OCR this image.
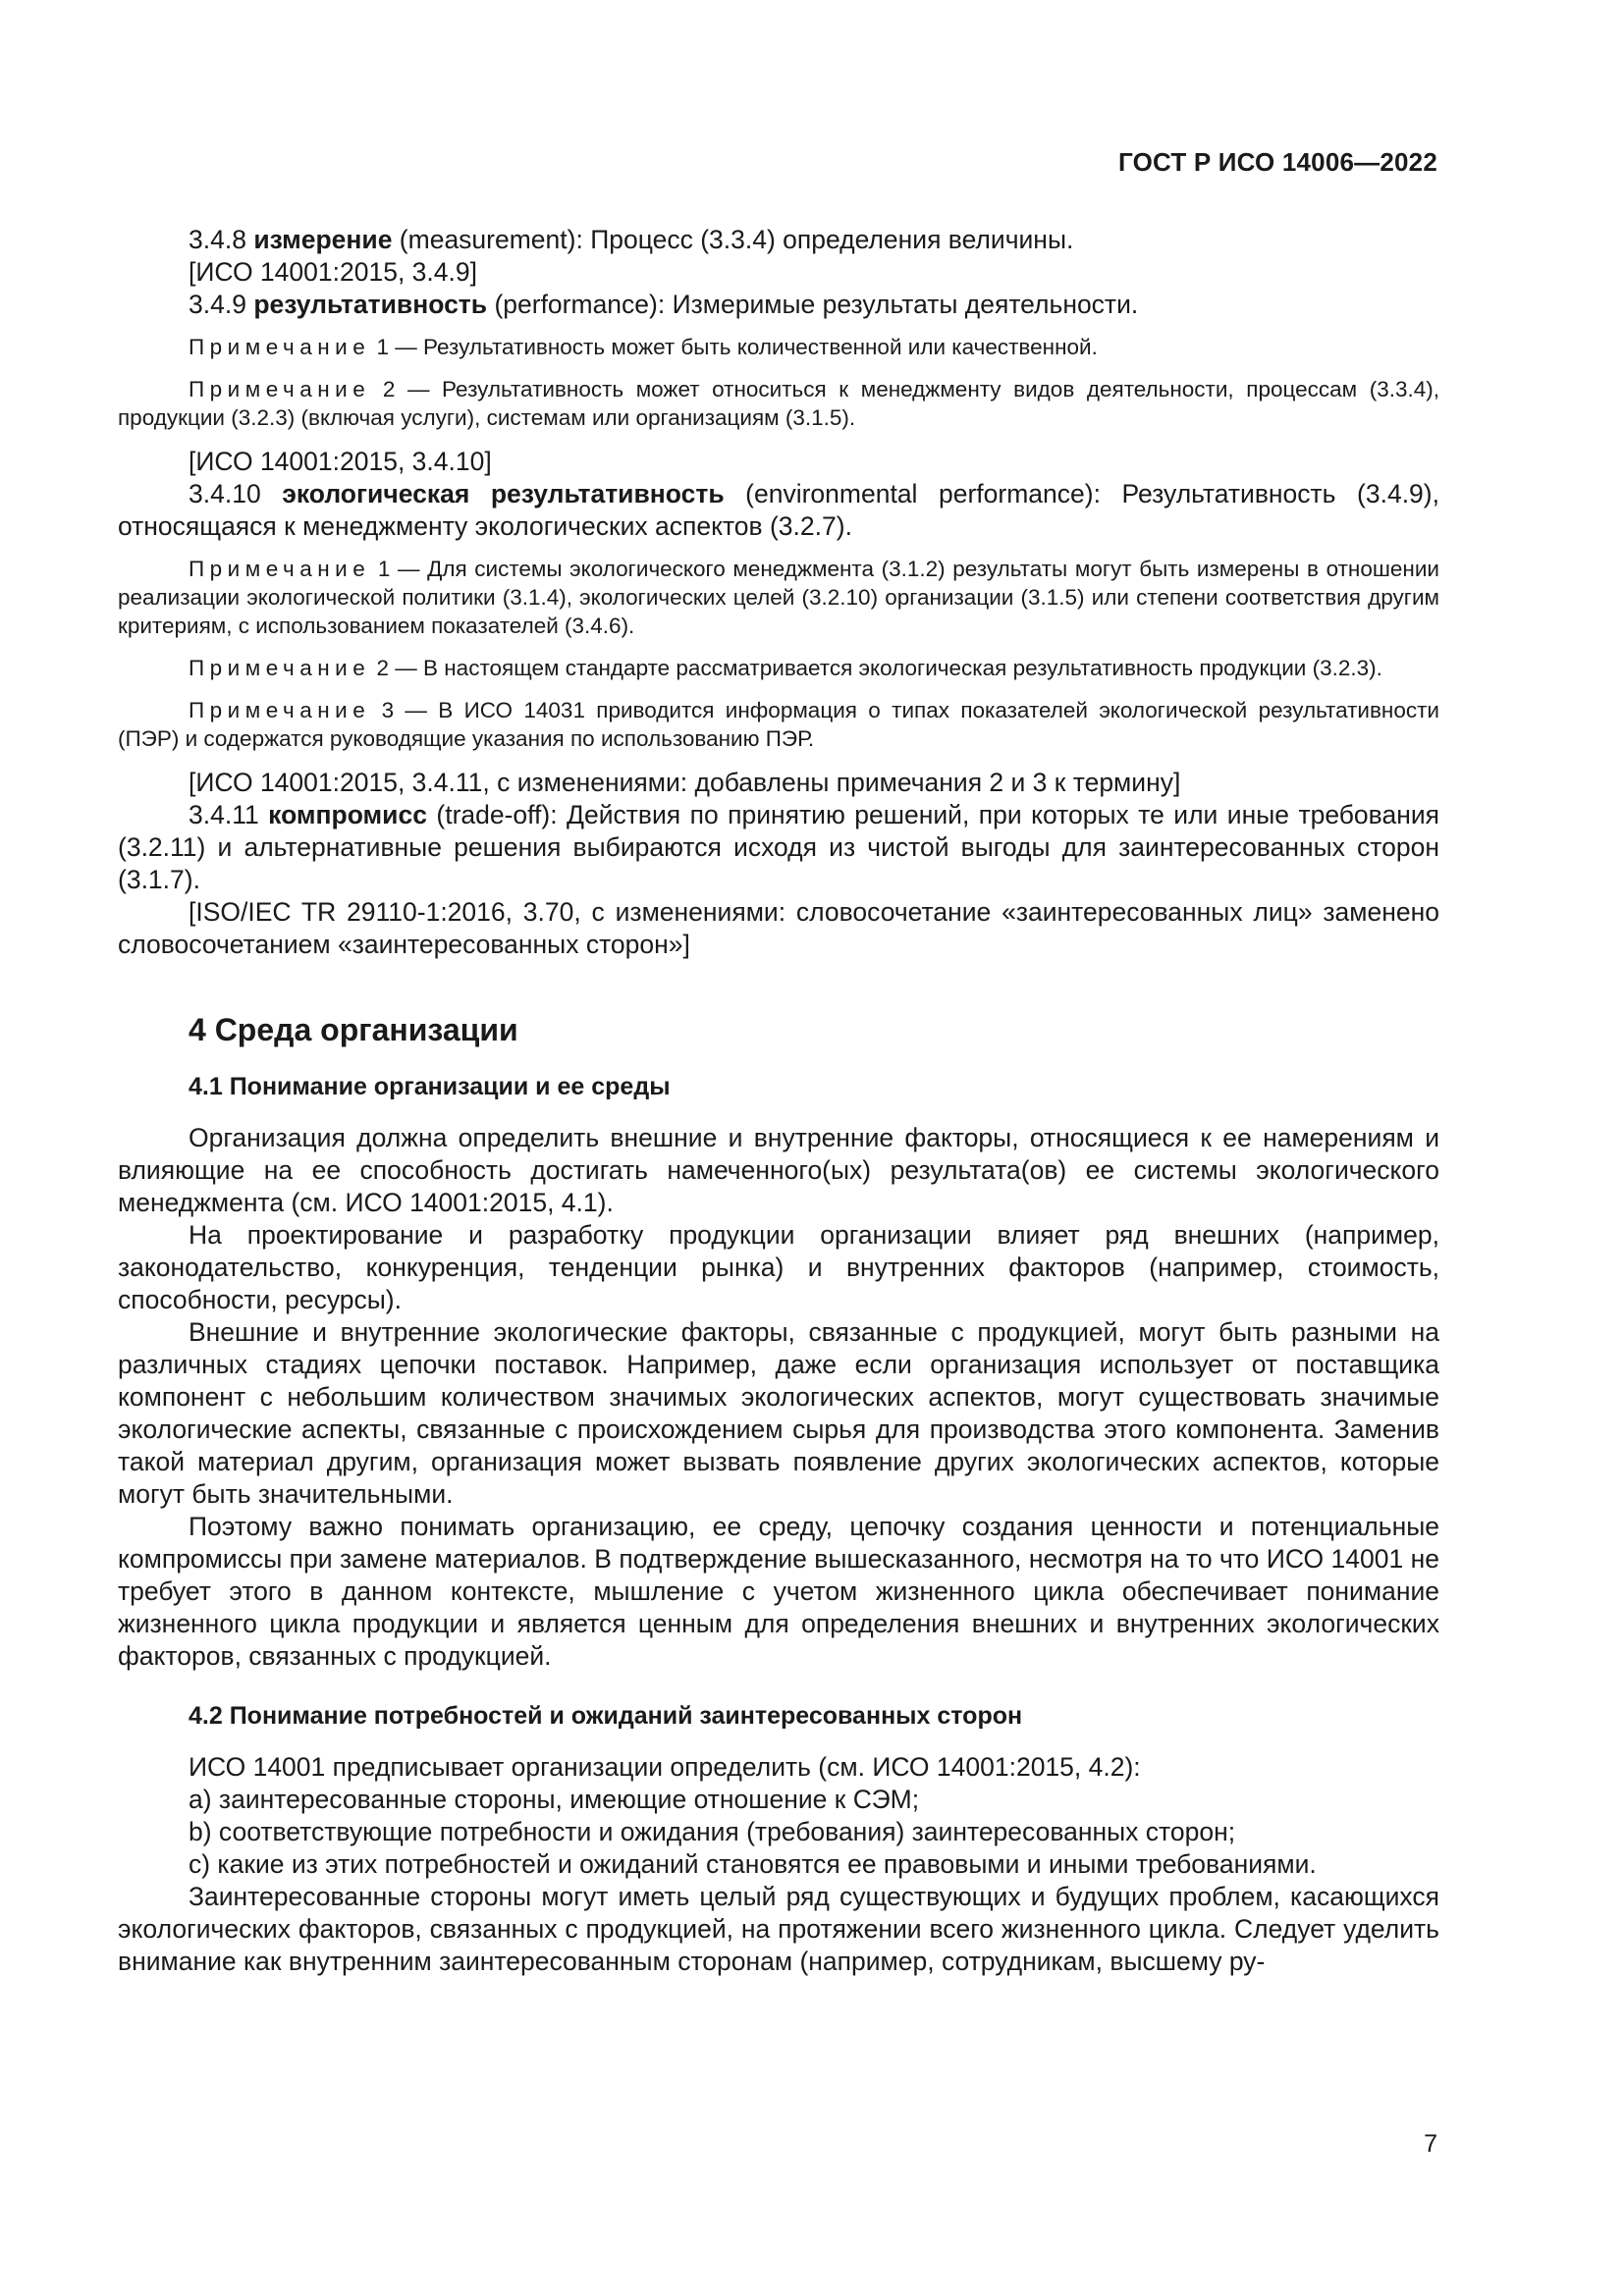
ГОСТ Р ИСО 14006—2022

3.4.8 измерение (measurement): Процесс (3.3.4) определения величины.

[ИСО 14001:2015, 3.4.9]

3.4.9 результативность (performance): Измеримые результаты деятельности.

Примечание 1 — Результативность может быть количественной или качественной.

Примечание 2 — Результативность может относиться к менеджменту видов деятельности, процессам (3.3.4), продукции (3.2.3) (включая услуги), системам или организациям (3.1.5).

[ИСО 14001:2015, 3.4.10]

3.4.10 экологическая результативность (environmental performance): Результативность (3.4.9), относящаяся к менеджменту экологических аспектов (3.2.7).

Примечание 1 — Для системы экологического менеджмента (3.1.2) результаты могут быть измерены в отношении реализации экологической политики (3.1.4), экологических целей (3.2.10) организации (3.1.5) или степени соответствия другим критериям, с использованием показателей (3.4.6).

Примечание 2 — В настоящем стандарте рассматривается экологическая результативность продукции (3.2.3).

Примечание 3 — В ИСО 14031 приводится информация о типах показателей экологической результативности (ПЭР) и содержатся руководящие указания по использованию ПЭР.

[ИСО 14001:2015, 3.4.11, с изменениями: добавлены примечания 2 и 3 к термину]

3.4.11 компромисс (trade-off): Действия по принятию решений, при которых те или иные требования (3.2.11) и альтернативные решения выбираются исходя из чистой выгоды для заинтересованных сторон (3.1.7).

[ISO/IEC TR 29110-1:2016, 3.70, с изменениями: словосочетание «заинтересованных лиц» заменено словосочетанием «заинтересованных сторон»]

4 Среда организации
4.1 Понимание организации и ее среды

Организация должна определить внешние и внутренние факторы, относящиеся к ее намерениям и влияющие на ее способность достигать намеченного(ых) результата(ов) ее системы экологического менеджмента (см. ИСО 14001:2015, 4.1).

На проектирование и разработку продукции организации влияет ряд внешних (например, законодательство, конкуренция, тенденции рынка) и внутренних факторов (например, стоимость, способности, ресурсы).

Внешние и внутренние экологические факторы, связанные с продукцией, могут быть разными на различных стадиях цепочки поставок. Например, даже если организация использует от поставщика компонент с небольшим количеством значимых экологических аспектов, могут существовать значимые экологические аспекты, связанные с происхождением сырья для производства этого компонента. Заменив такой материал другим, организация может вызвать появление других экологических аспектов, которые могут быть значительными.

Поэтому важно понимать организацию, ее среду, цепочку создания ценности и потенциальные компромиссы при замене материалов. В подтверждение вышесказанного, несмотря на то что ИСО 14001 не требует этого в данном контексте, мышление с учетом жизненного цикла обеспечивает понимание жизненного цикла продукции и является ценным для определения внешних и внутренних экологических факторов, связанных с продукцией.

4.2 Понимание потребностей и ожиданий заинтересованных сторон

ИСО 14001 предписывает организации определить (см. ИСО 14001:2015, 4.2):

a) заинтересованные стороны, имеющие отношение к СЭМ;

b) соответствующие потребности и ожидания (требования) заинтересованных сторон;

c) какие из этих потребностей и ожиданий становятся ее правовыми и иными требованиями.

Заинтересованные стороны могут иметь целый ряд существующих и будущих проблем, касающихся экологических факторов, связанных с продукцией, на протяжении всего жизненного цикла. Следует уделить внимание как внутренним заинтересованным сторонам (например, сотрудникам, высшему ру-

7
